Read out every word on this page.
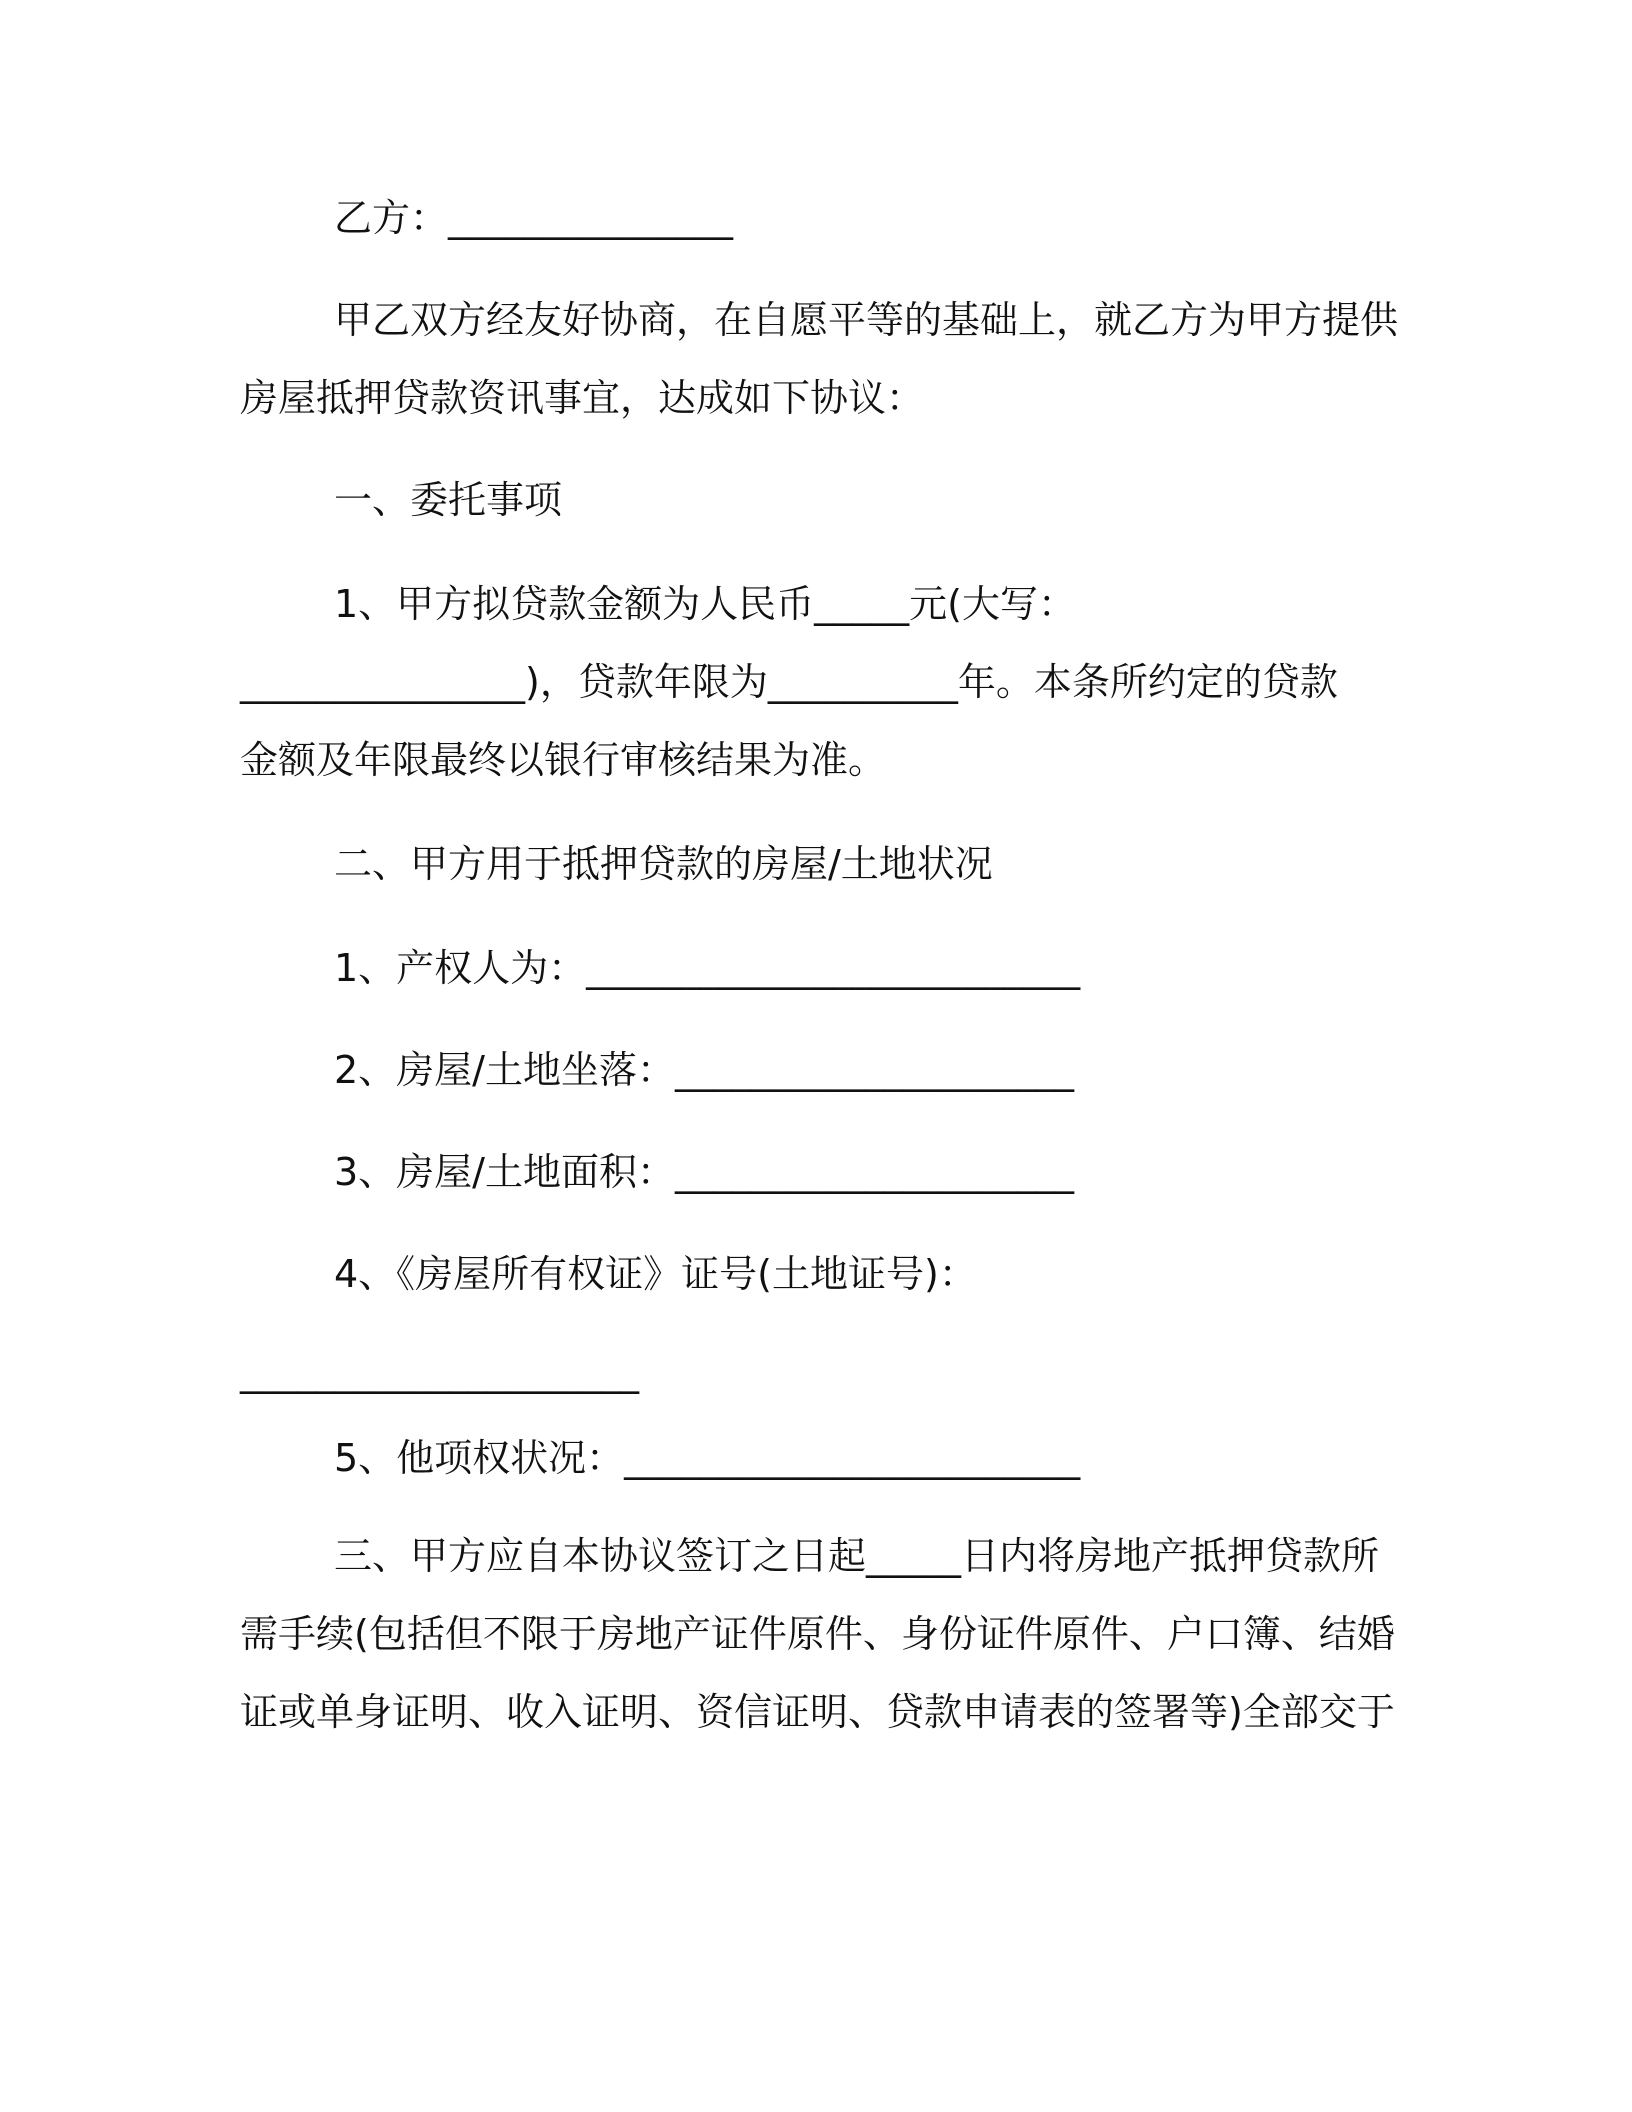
乙方：_______________
甲乙双方经友好协商，在自愿平等的基础上，就乙方为甲方提供
房屋抵押贷款资讯事宜，达成如下协议：
一、委托事项
1、甲方拟贷款金额为人民币_____元(大写：
_______________)，贷款年限为__________年。本条所约定的贷款
金额及年限最终以银行审核结果为准。
二、甲方用于抵押贷款的房屋/土地状况
1、产权人为：__________________________
2、房屋/土地坐落：_____________________
3、房屋/土地面积：_____________________
4、《房屋所有权证》证号(土地证号)：
_____________________
5、他项权状况：________________________
三、甲方应自本协议签订之日起_____日内将房地产抵押贷款所
需手续(包括但不限于房地产证件原件、身份证件原件、户口簿、结婚
证或单身证明、收入证明、资信证明、贷款申请表的签署等)全部交于
